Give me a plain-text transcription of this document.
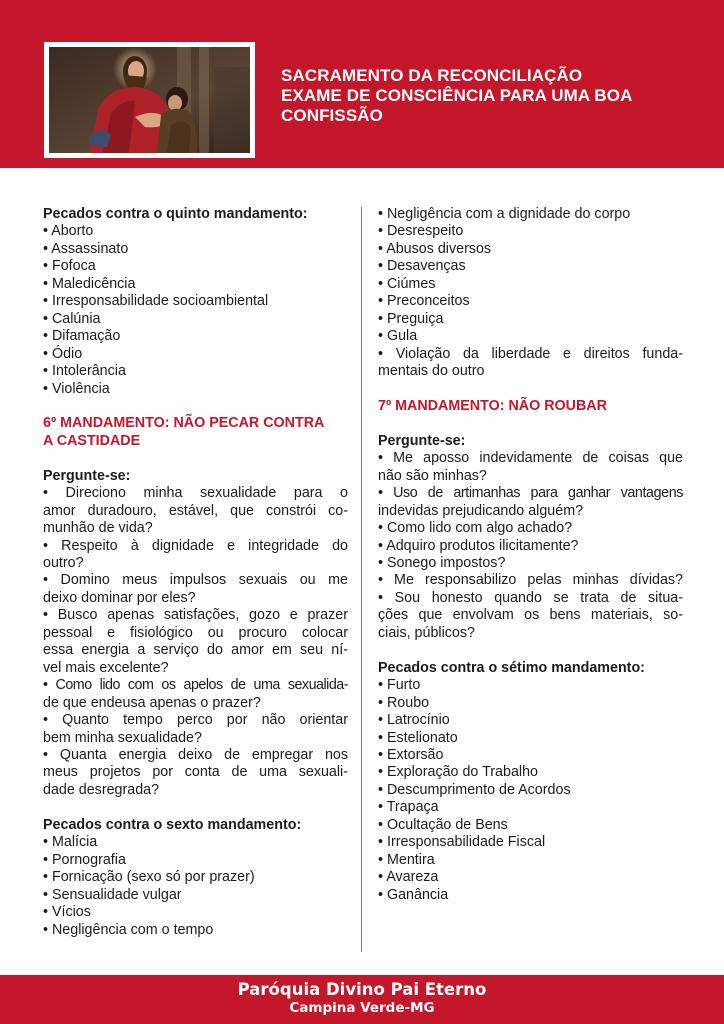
SACRAMENTO DA RECONCILIAÇÃO
EXAME DE CONSCIÊNCIA PARA UMA BOA
CONFISSÃO
Pecados contra o quinto mandamento:
• Aborto
• Assassinato
• Fofoca
• Maledicência
• Irresponsabilidade socioambiental
• Calúnia
• Difamação
• Ódio
• Intolerância
• Violência
6º MANDAMENTO: NÃO PECAR CONTRA
A CASTIDADE
Pergunte-se:
• Direciono minha sexualidade para o
amor duradouro, estável, que constrói co-
munhão de vida?
• Respeito à dignidade e integridade do
outro?
• Domino meus impulsos sexuais ou me
deixo dominar por eles?
• Busco apenas satisfações, gozo e prazer
pessoal e fisiológico ou procuro colocar
essa energia a serviço do amor em seu ní-
vel mais excelente?
• Como lido com os apelos de uma sexualida-
de que endeusa apenas o prazer?
• Quanto tempo perco por não orientar
bem minha sexualidade?
• Quanta energia deixo de empregar nos
meus projetos por conta de uma sexuali-
dade desregrada?
Pecados contra o sexto mandamento:
• Malícia
• Pornografia
• Fornicação (sexo só por prazer)
• Sensualidade vulgar
• Vícios
• Negligência com o tempo
• Negligência com a dignidade do corpo
• Desrespeito
• Abusos diversos
• Desavenças
• Ciúmes
• Preconceitos
• Preguiça
• Gula
• Violação da liberdade e direitos funda-
mentais do outro
7º MANDAMENTO: NÃO ROUBAR
Pergunte-se:
• Me aposso indevidamente de coisas que
não são minhas?
• Uso de artimanhas para ganhar vantagens
indevidas prejudicando alguém?
• Como lido com algo achado?
• Adquiro produtos ilicitamente?
• Sonego impostos?
• Me responsabilizo pelas minhas dívidas?
• Sou honesto quando se trata de situa-
ções que envolvam os bens materiais, so-
ciais, públicos?
Pecados contra o sétimo mandamento:
• Furto
• Roubo
• Latrocínio
• Estelionato
• Extorsão
• Exploração do Trabalho
• Descumprimento de Acordos
• Trapaça
• Ocultação de Bens
• Irresponsabilidade Fiscal
• Mentira
• Avareza
• Ganância
Paróquia Divino Pai Eterno
Campina Verde-MG
